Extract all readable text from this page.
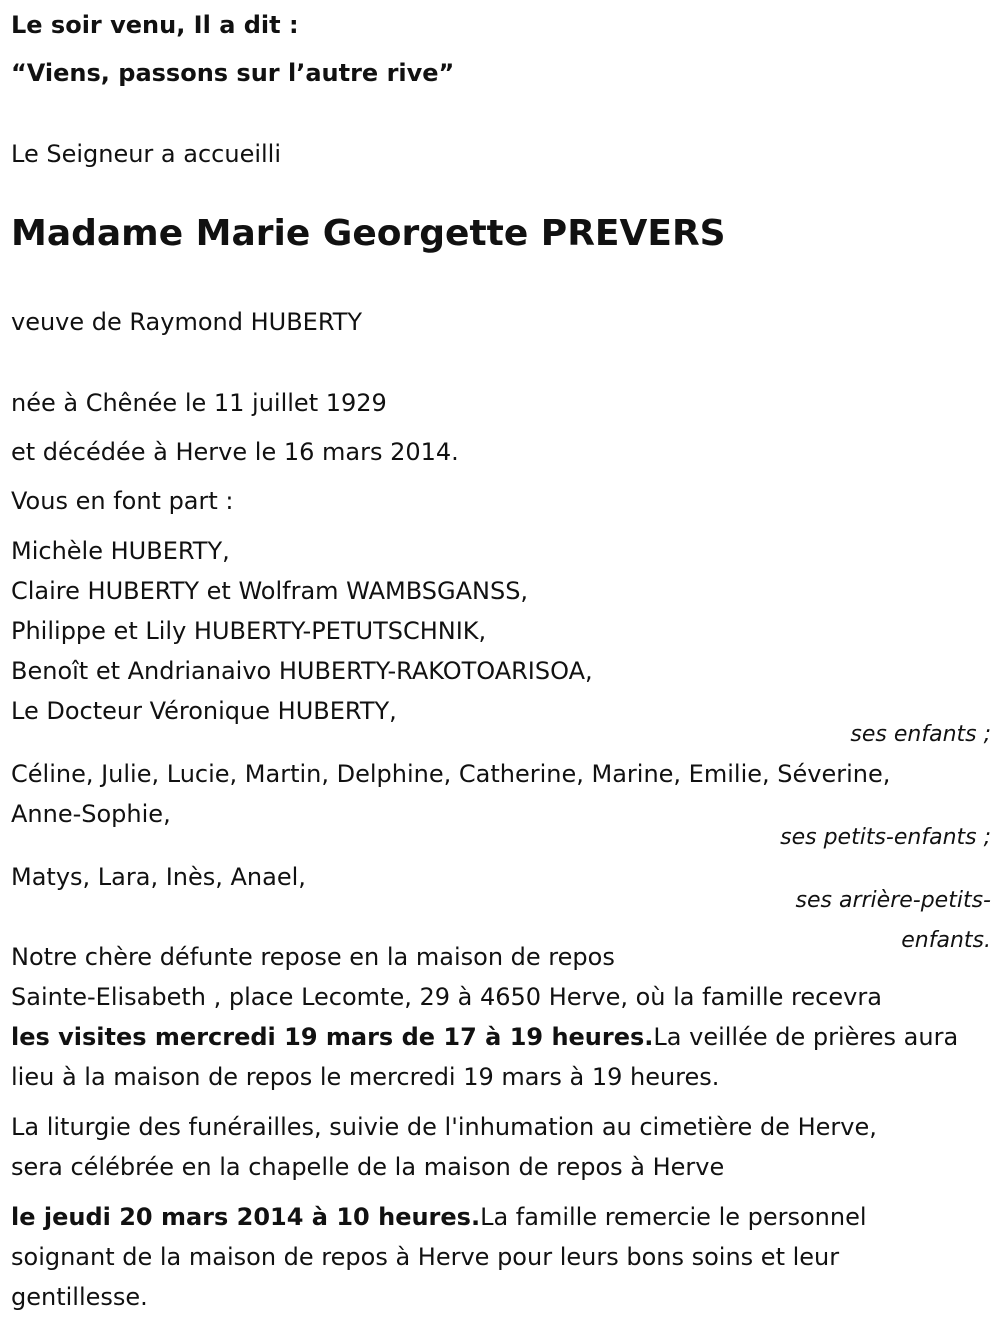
Le soir venu, Il a dit :
“Viens, passons sur l’autre rive”
Le Seigneur a accueilli
Madame Marie Georgette PREVERS
veuve de Raymond HUBERTY
née à Chênée le 11 juillet 1929
et décédée à Herve le 16 mars 2014.
Vous en font part :
Michèle HUBERTY,
Claire HUBERTY et Wolfram WAMBSGANSS,
Philippe et Lily HUBERTY-PETUTSCHNIK,
Benoît et Andrianaivo HUBERTY-RAKOTOARISOA,
Le Docteur Véronique HUBERTY,
ses enfants ;
Céline, Julie, Lucie, Martin, Delphine, Catherine, Marine, Emilie, Séverine,
Anne-Sophie,
ses petits-enfants ;
Matys, Lara, Inès, Anael,
ses arrière-petits-
enfants.
Notre chère défunte repose en la maison de repos
Sainte-Elisabeth , place Lecomte, 29 à 4650 Herve, où la famille recevra
les visites mercredi 19 mars de 17 à 19 heures.La veillée de prières aura
lieu à la maison de repos le mercredi 19 mars à 19 heures.
La liturgie des funérailles, suivie de l'inhumation au cimetière de Herve,
sera célébrée en la chapelle de la maison de repos à Herve
le jeudi 20 mars 2014 à 10 heures.La famille remercie le personnel
soignant de la maison de repos à Herve pour leurs bons soins et leur
gentillesse.
